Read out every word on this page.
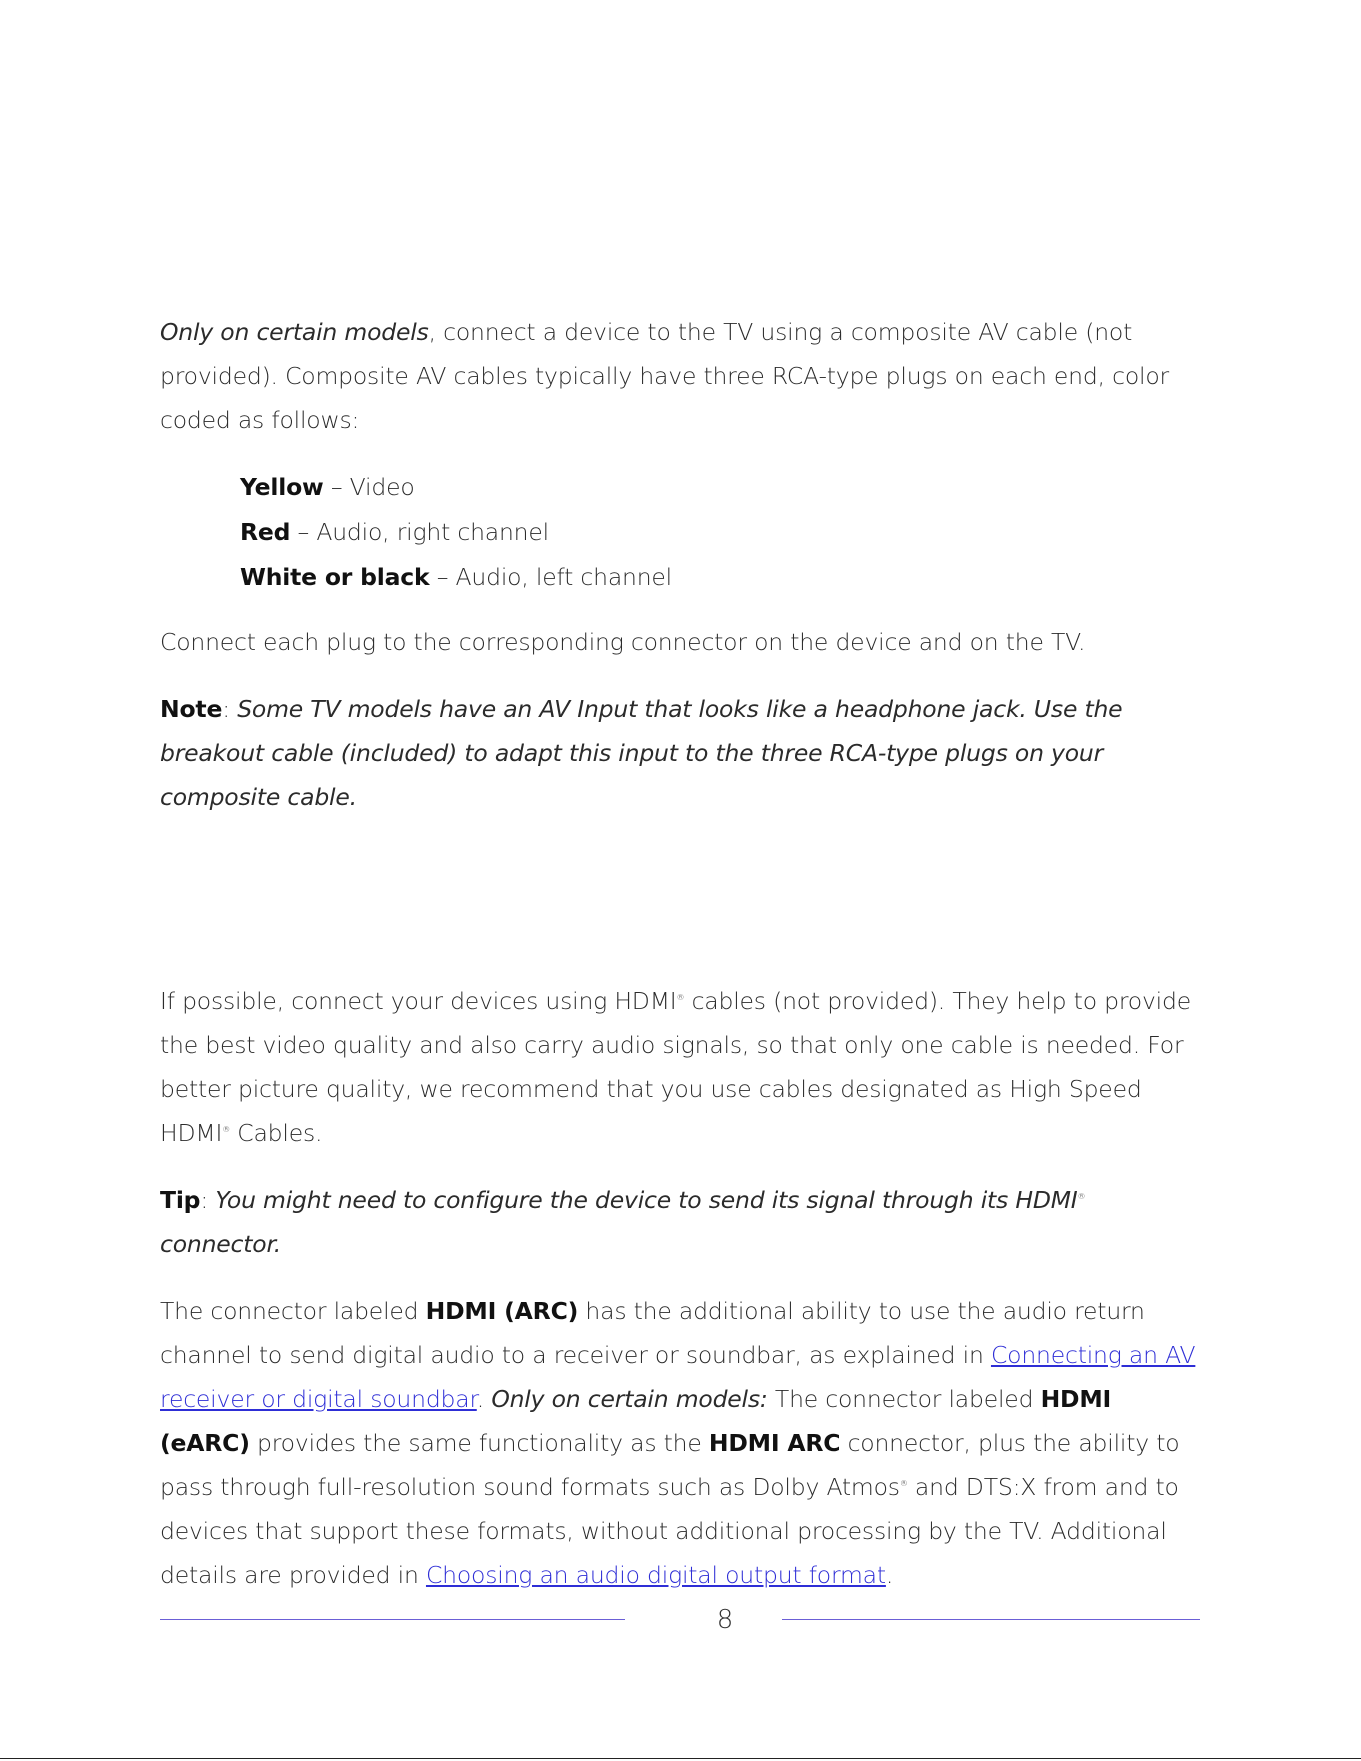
Only on certain models, connect a device to the TV using a composite AV cable (not provided). Composite AV cables typically have three RCA-type plugs on each end, color coded as follows:

Yellow – Video
Red – Audio, right channel
White or black – Audio, left channel

Connect each plug to the corresponding connector on the device and on the TV.

Note: Some TV models have an AV Input that looks like a headphone jack. Use the breakout cable (included) to adapt this input to the three RCA-type plugs on your composite cable.

If possible, connect your devices using HDMI® cables (not provided). They help to provide the best video quality and also carry audio signals, so that only one cable is needed. For better picture quality, we recommend that you use cables designated as High Speed HDMI® Cables.

Tip: You might need to configure the device to send its signal through its HDMI® connector.

The connector labeled HDMI (ARC) has the additional ability to use the audio return channel to send digital audio to a receiver or soundbar, as explained in Connecting an AV receiver or digital soundbar. Only on certain models: The connector labeled HDMI (eARC) provides the same functionality as the HDMI ARC connector, plus the ability to pass through full-resolution sound formats such as Dolby Atmos® and DTS:X from and to devices that support these formats, without additional processing by the TV. Additional details are provided in Choosing an audio digital output format.

8
